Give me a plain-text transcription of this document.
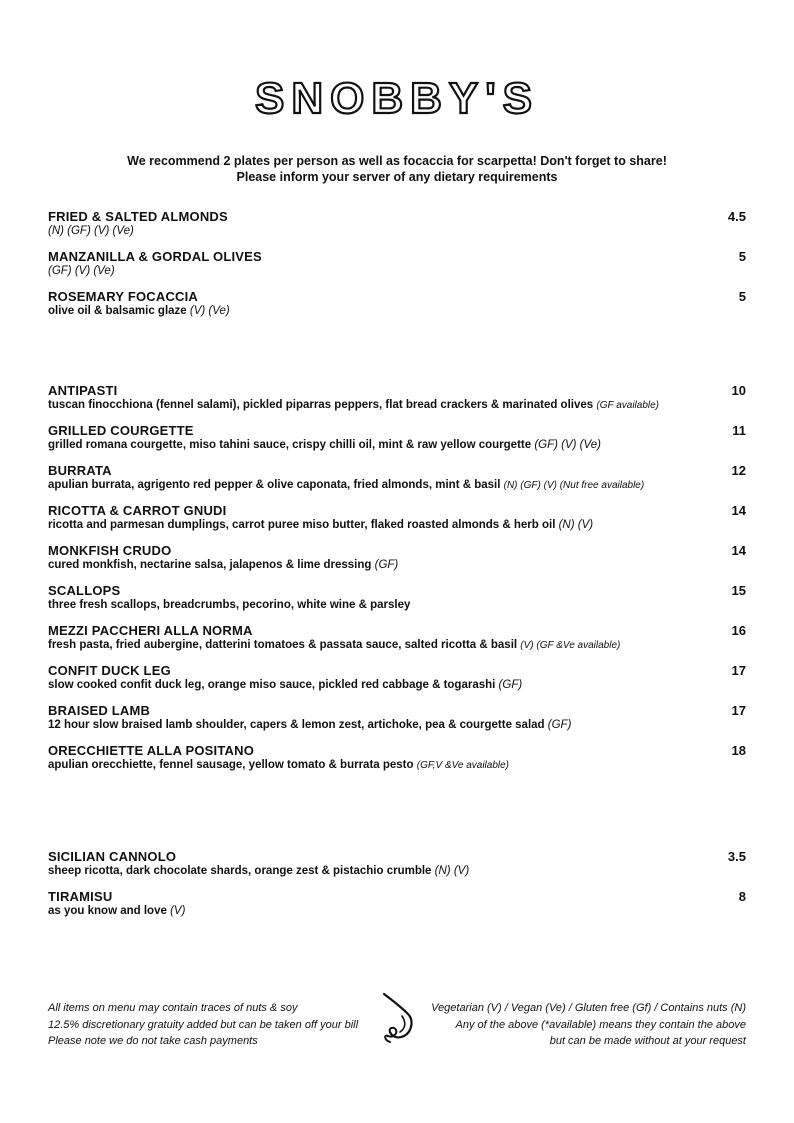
SNOBBY'S
We recommend 2 plates per person as well as focaccia for scarpetta! Don't forget to share!
Please inform your server of any dietary requirements
FRIED & SALTED ALMONDS	4.5
(N) (GF) (V) (Ve)
MANZANILLA & GORDAL OLIVES	5
(GF) (V) (Ve)
ROSEMARY FOCACCIA	5
olive oil & balsamic glaze (V) (Ve)
ANTIPASTI	10
tuscan finocchiona (fennel salami), pickled piparras peppers, flat bread crackers & marinated olives (GF available)
GRILLED COURGETTE	11
grilled romana courgette, miso tahini sauce, crispy chilli oil, mint & raw yellow courgette (GF) (V) (Ve)
BURRATA	12
apulian burrata, agrigento red pepper & olive caponata, fried almonds, mint & basil (N) (GF) (V) (Nut free available)
RICOTTA & CARROT GNUDI	14
ricotta and parmesan dumplings, carrot puree miso butter, flaked roasted almonds & herb oil (N) (V)
MONKFISH CRUDO	14
cured monkfish, nectarine salsa, jalapenos & lime dressing (GF)
SCALLOPS	15
three fresh scallops, breadcrumbs, pecorino, white wine & parsley
MEZZI PACCHERI ALLA NORMA	16
fresh pasta, fried aubergine, datterini tomatoes & passata sauce, salted ricotta & basil (V) (GF &Ve available)
CONFIT DUCK LEG	17
slow cooked confit duck leg, orange miso sauce, pickled red cabbage & togarashi (GF)
BRAISED LAMB	17
12 hour slow braised lamb shoulder, capers & lemon zest, artichoke, pea & courgette salad (GF)
ORECCHIETTE ALLA POSITANO	18
apulian orecchiette, fennel sausage, yellow tomato & burrata pesto (GF,V &Ve available)
SICILIAN CANNOLO	3.5
sheep ricotta, dark chocolate shards, orange zest & pistachio crumble (N) (V)
TIRAMISU	8
as you know and love (V)
All items on menu may contain traces of nuts & soy
12.5% discretionary gratuity added but can be taken off your bill
Please note we do not take cash payments
Vegetarian (V) / Vegan (Ve) / Gluten free (Gf) / Contains nuts (N)
Any of the above (*available) means they contain the above
but can be made without at your request
